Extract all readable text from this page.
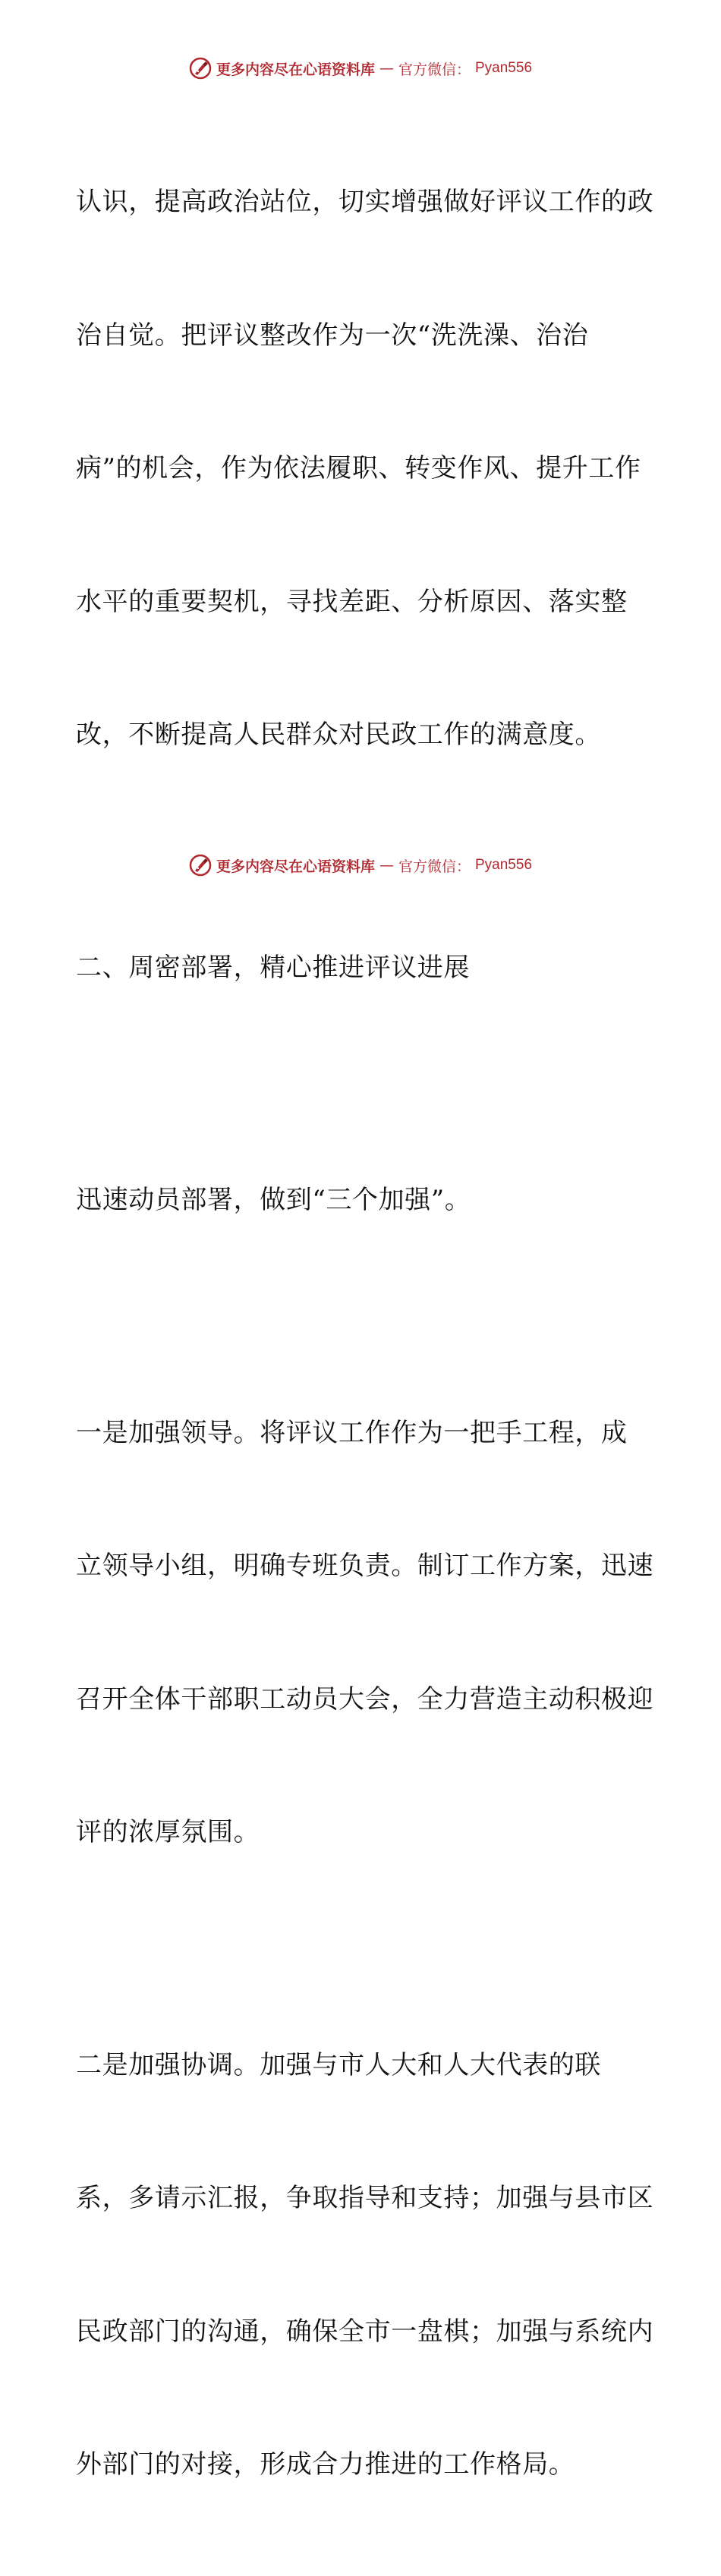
更多内容尽在心语资料库 — 官方微信： Pyan556

认识，提高政治站位，切实增强做好评议工作的政

治自觉。把评议整改作为一次“洗洗澡、治治

病”的机会，作为依法履职、转变作风、提升工作

水平的重要契机，寻找差距、分析原因、落实整

改，不断提高人民群众对民政工作的满意度。

二、周密部署，精心推进评议进展

迅速动员部署，做到“三个加强”。

一是加强领导。将评议工作作为一把手工程，成

立领导小组，明确专班负责。制订工作方案，迅速

召开全体干部职工动员大会，全力营造主动积极迎

评的浓厚氛围。

二是加强协调。加强与市人大和人大代表的联

系，多请示汇报，争取指导和支持；加强与县市区

民政部门的沟通，确保全市一盘棋；加强与系统内

外部门的对接，形成合力推进的工作格局。

更多内容尽在心语资料库 — 官方微信： Pyan556
